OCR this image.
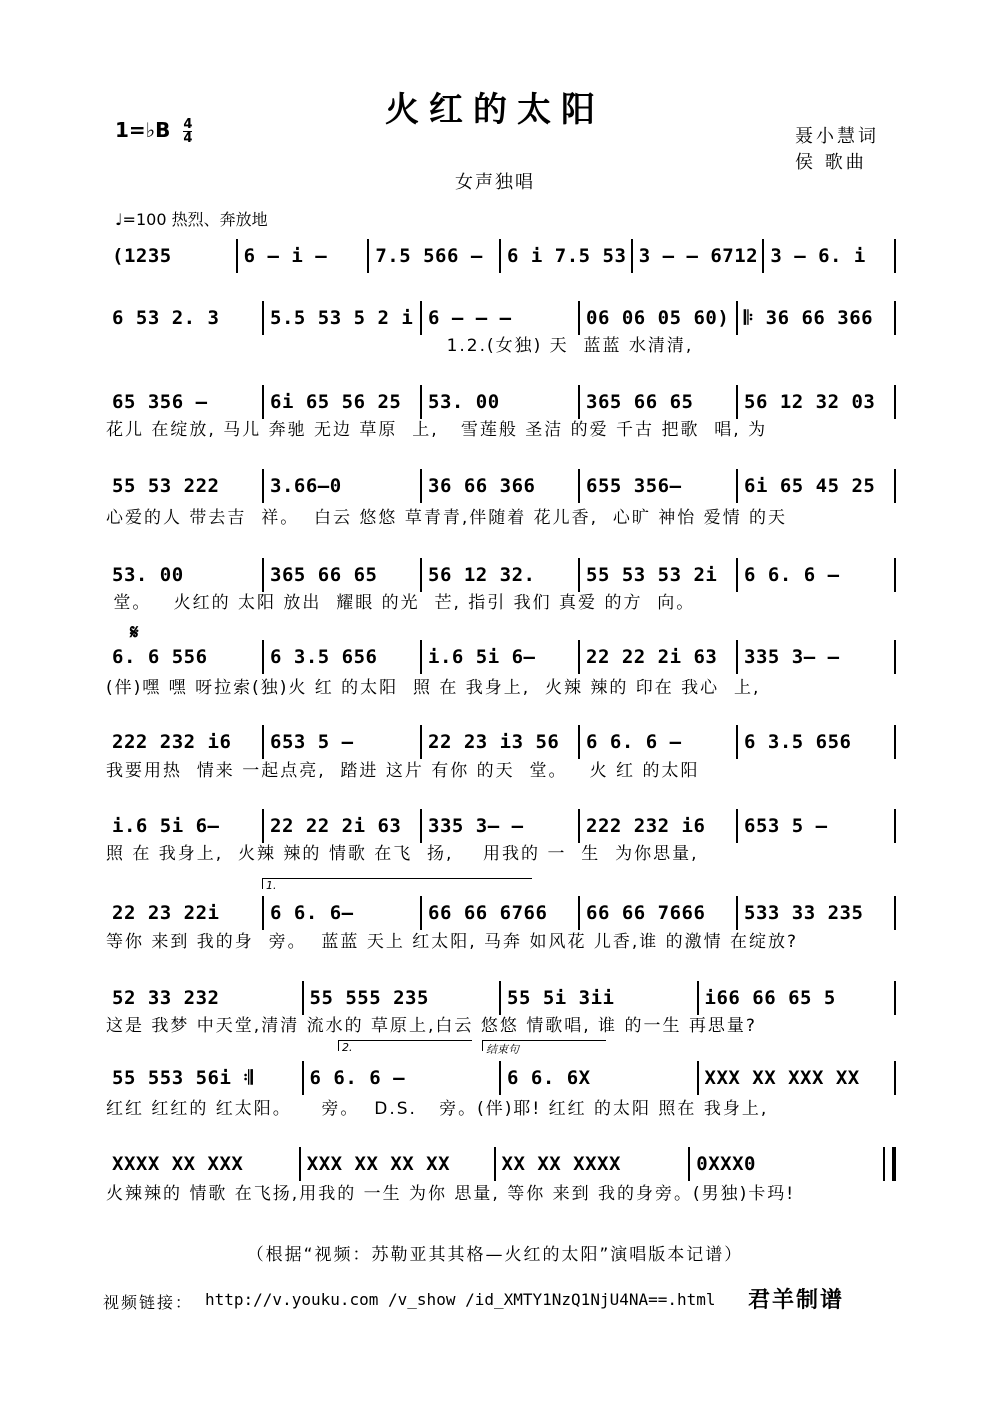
火红的太阳
1=♭B $\frac{4}{4}$	聂小慧词
侯 歌曲
女声独唱
♩=100 热烈、奔放地
𝄋
(1235	6 – i –	7.5 566 –	6 i 7.5 53 3 – – 6712 3 – 6. i
6 53 2. 3	5.5 53 5 2 i 6 – – –	06 06 05 60) 𝄆 36 66 366
1.2.(女独) 天  蓝蓝 水清清,
65 356 –	6i 65 56 25	53. 00	365 66 65	56 12 32 03
花儿 在绽放, 马儿 奔驰 无边 草原  上,   雪莲般 圣洁 的爱 千古 把歌  唱, 为
55 53 222	3.66–0	36 66 366	655 356–	6i 65 45 25
心爱的人 带去吉  祥。  白云 悠悠 草青青,伴随着 花儿香,  心旷 神怡 爱情 的天
53. 00	365 66 65	56 12 32.	55 53 53 2i	6 6. 6 –
堂。   火红的 太阳 放出  耀眼 的光  芒, 指引 我们 真爱 的方  向。
6. 6 556	6 3.5 656	i.6 5i 6–	22 22 2i 63	335 3– –
(伴)嘿 嘿 呀拉索(独)火 红 的太阳  照 在 我身上,  火辣 辣的 印在 我心  上,
222 232 i6	653 5 –	22 23 i3 56	6 6. 6 –	6 3.5 656
我要用热  情来 一起点亮,  踏进 这片 有你 的天  堂。   火 红 的太阳
i.6 5i 6–	22 22 2i 63	335 3– –	222 232 i6	653 5 –
照 在 我身上,  火辣 辣的 情歌 在飞  扬,    用我的 一  生  为你思量,
22 23 22i	6 6. 6–	66 66 6766	66 66 7666	533 33 235
等你 来到 我的身  旁。  蓝蓝 天上 红太阳, 马奔 如风花 儿香,谁 的激情 在绽放?
52 33 232	55 555 235	55 5i 3ii	i66 66 65 5
这是 我梦 中天堂,清清 流水的 草原上,白云 悠悠 情歌唱, 谁 的一生 再思量?
55 553 56i 𝄇	6 6. 6 –	6 6. 6X	XXX XX XXX XX
红红 红红的 红太阳。    旁。  D.S.   旁。(伴)耶! 红红 的太阳 照在 我身上,
XXXX XX XXX	XXX XX XX XX	XX XX XXXX	0XXX0
火辣辣的 情歌 在飞扬,用我的 一生 为你 思量, 等你 来到 我的身旁。(男独)卡玛!
1.
2.	结束句
（根据“视频：苏勒亚其其格—火红的太阳”演唱版本记谱）
视频链接： http://v.youku.com /v_show /id_XMTY1NzQ1NjU4NA==.html 君羊制谱
